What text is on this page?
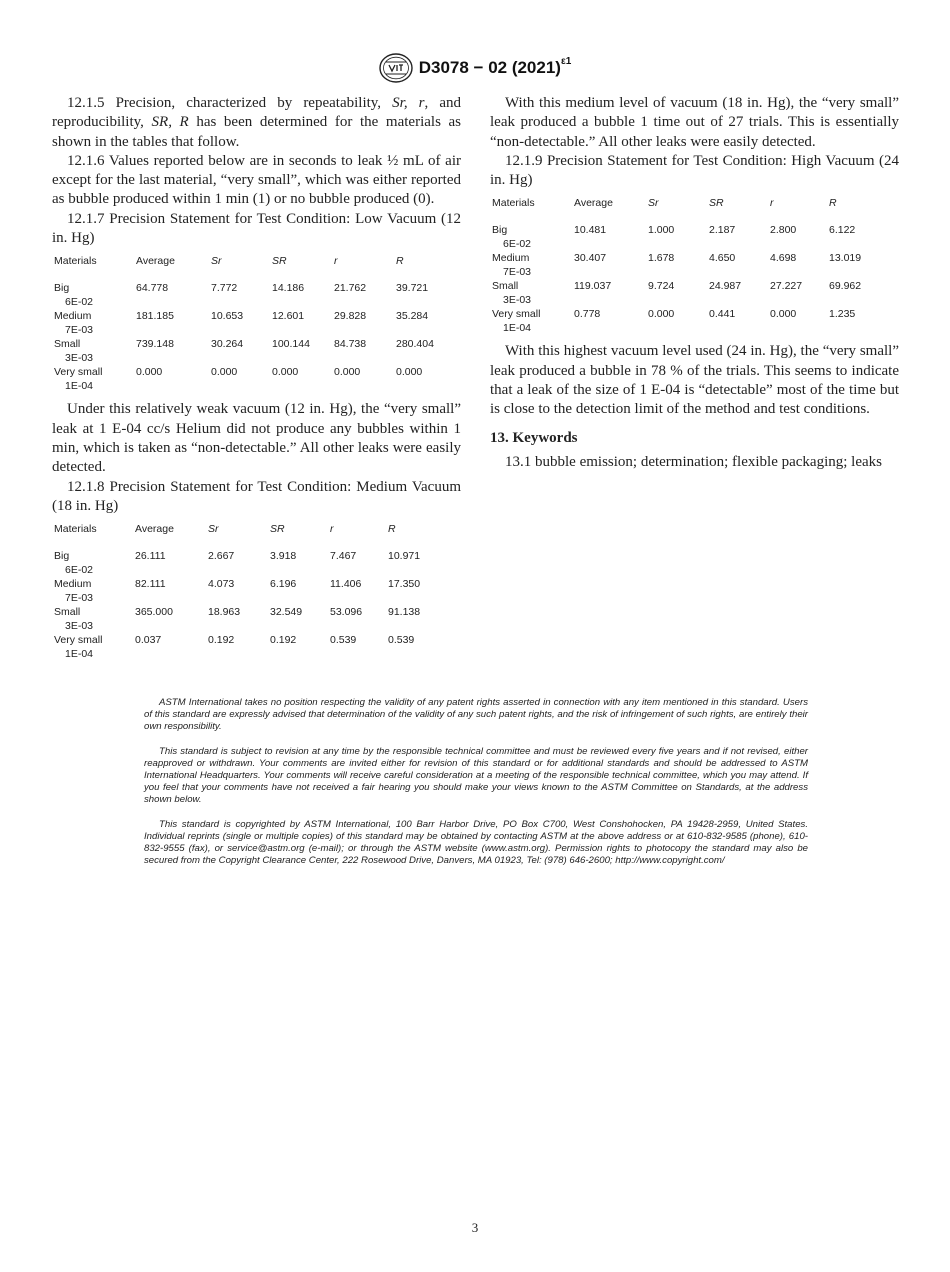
D3078 − 02 $(2021)^{\varepsilon 1}$

12.1.5 Precision, characterized by repeatability, Sr, r, and reproducibility, SR, R has been determined for the materials as shown in the tables that follow.

12.1.6 Values reported below are in seconds to leak ½ mL of air except for the last material, “very small”, which was either reported as bubble produced within 1 min (1) or no bubble produced (0).

12.1.7 Precision Statement for Test Condition: Low Vacuum (12 in. Hg)

Materials	Average	Sr	SR	r	R
Big
6E-02	64.778	7.772	14.186	21.762	39.721
Medium
7E-03	181.185	10.653	12.601	29.828	35.284
Small
3E-03	739.148	30.264	100.144	84.738	280.404
Very small
1E-04	0.000	0.000	0.000	0.000	0.000

Under this relatively weak vacuum (12 in. Hg), the “very small” leak at 1 E-04 cc/s Helium did not produce any bubbles within 1 min, which is taken as “non-detectable.” All other leaks were easily detected.

12.1.8 Precision Statement for Test Condition: Medium Vacuum (18 in. Hg)

Materials	Average	Sr	SR	r	R
Big
6E-02	26.111	2.667	3.918	7.467	10.971
Medium
7E-03	82.111	4.073	6.196	11.406	17.350
Small
3E-03	365.000	18.963	32.549	53.096	91.138
Very small
1E-04	0.037	0.192	0.192	0.539	0.539

With this medium level of vacuum (18 in. Hg), the “very small” leak produced a bubble 1 time out of 27 trials. This is essentially “non-detectable.” All other leaks were easily detected.

12.1.9 Precision Statement for Test Condition: High Vacuum (24 in. Hg)

Materials	Average	Sr	SR	r	R
Big
6E-02	10.481	1.000	2.187	2.800	6.122
Medium
7E-03	30.407	1.678	4.650	4.698	13.019
Small
3E-03	119.037	9.724	24.987	27.227	69.962
Very small
1E-04	0.778	0.000	0.441	0.000	1.235

With this highest vacuum level used (24 in. Hg), the “very small” leak produced a bubble in 78 % of the trials. This seems to indicate that a leak of the size of 1 E-04 is “detectable” most of the time but is close to the detection limit of the method and test conditions.

13. Keywords

13.1 bubble emission; determination; flexible packaging; leaks

ASTM International takes no position respecting the validity of any patent rights asserted in connection with any item mentioned in this standard. Users of this standard are expressly advised that determination of the validity of any such patent rights, and the risk of infringement of such rights, are entirely their own responsibility.

This standard is subject to revision at any time by the responsible technical committee and must be reviewed every five years and if not revised, either reapproved or withdrawn. Your comments are invited either for revision of this standard or for additional standards and should be addressed to ASTM International Headquarters. Your comments will receive careful consideration at a meeting of the responsible technical committee, which you may attend. If you feel that your comments have not received a fair hearing you should make your views known to the ASTM Committee on Standards, at the address shown below.

This standard is copyrighted by ASTM International, 100 Barr Harbor Drive, PO Box C700, West Conshohocken, PA 19428-2959, United States. Individual reprints (single or multiple copies) of this standard may be obtained by contacting ASTM at the above address or at 610-832-9585 (phone), 610-832-9555 (fax), or service@astm.org (e-mail); or through the ASTM website (www.astm.org). Permission rights to photocopy the standard may also be secured from the Copyright Clearance Center, 222 Rosewood Drive, Danvers, MA 01923, Tel: (978) 646-2600; http://www.copyright.com/

3
